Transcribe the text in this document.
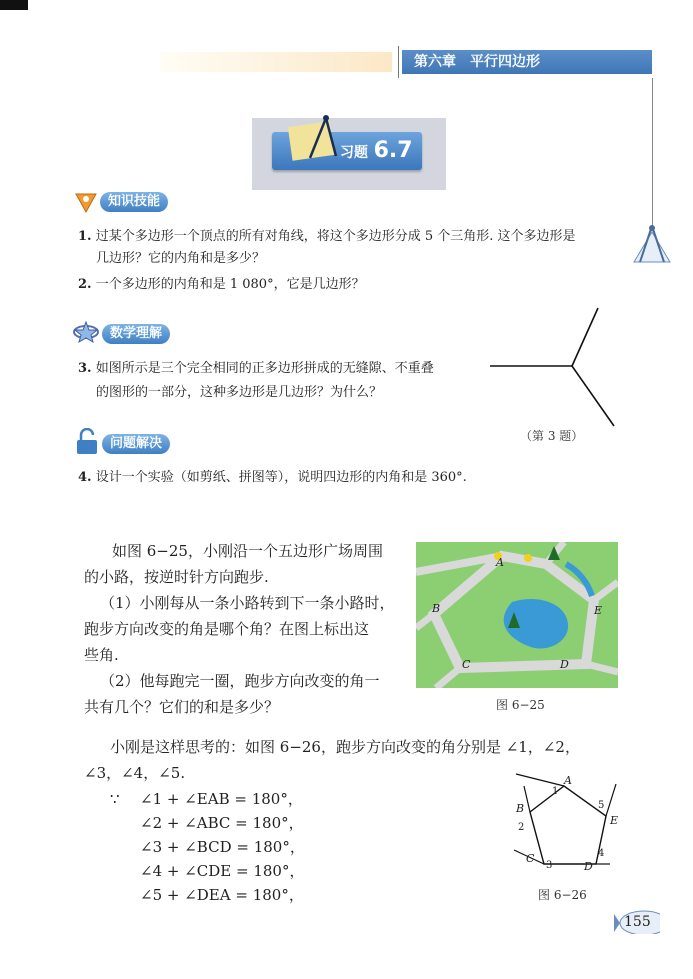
第六章　平行四边形
习题 6.7
知识技能
1. 过某个多边形一个顶点的所有对角线，将这个多边形分成 5 个三角形. 这个多边形是
几边形？它的内角和是多少？
2. 一个多边形的内角和是 1 080°，它是几边形？
数学理解
3. 如图所示是三个完全相同的正多边形拼成的无缝隙、不重叠
的图形的一部分，这种多边形是几边形？为什么？
（第 3 题）
问题解决
4. 设计一个实验（如剪纸、拼图等），说明四边形的内角和是 360°.
如图 6−25，小刚沿一个五边形广场周围
的小路，按逆时针方向跑步.
（1）小刚每从一条小路转到下一条小路时，
跑步方向改变的角是哪个角？在图上标出这
些角.
（2）他每跑完一圈，跑步方向改变的角一
共有几个？它们的和是多少？
A
B
C	D
E
图 6−25
小刚是这样思考的：如图 6−26，跑步方向改变的角分别是 ∠1，∠2，
∠3，∠4，∠5.
∵ ∠1 + ∠EAB = 180°，
∠2 + ∠ABC = 180°，
∠3 + ∠BCD = 180°，
∠4 + ∠CDE = 180°，
∠5 + ∠DEA = 180°，
A
B
C
D
E
1
2
3
4
5
图 6−26
155
